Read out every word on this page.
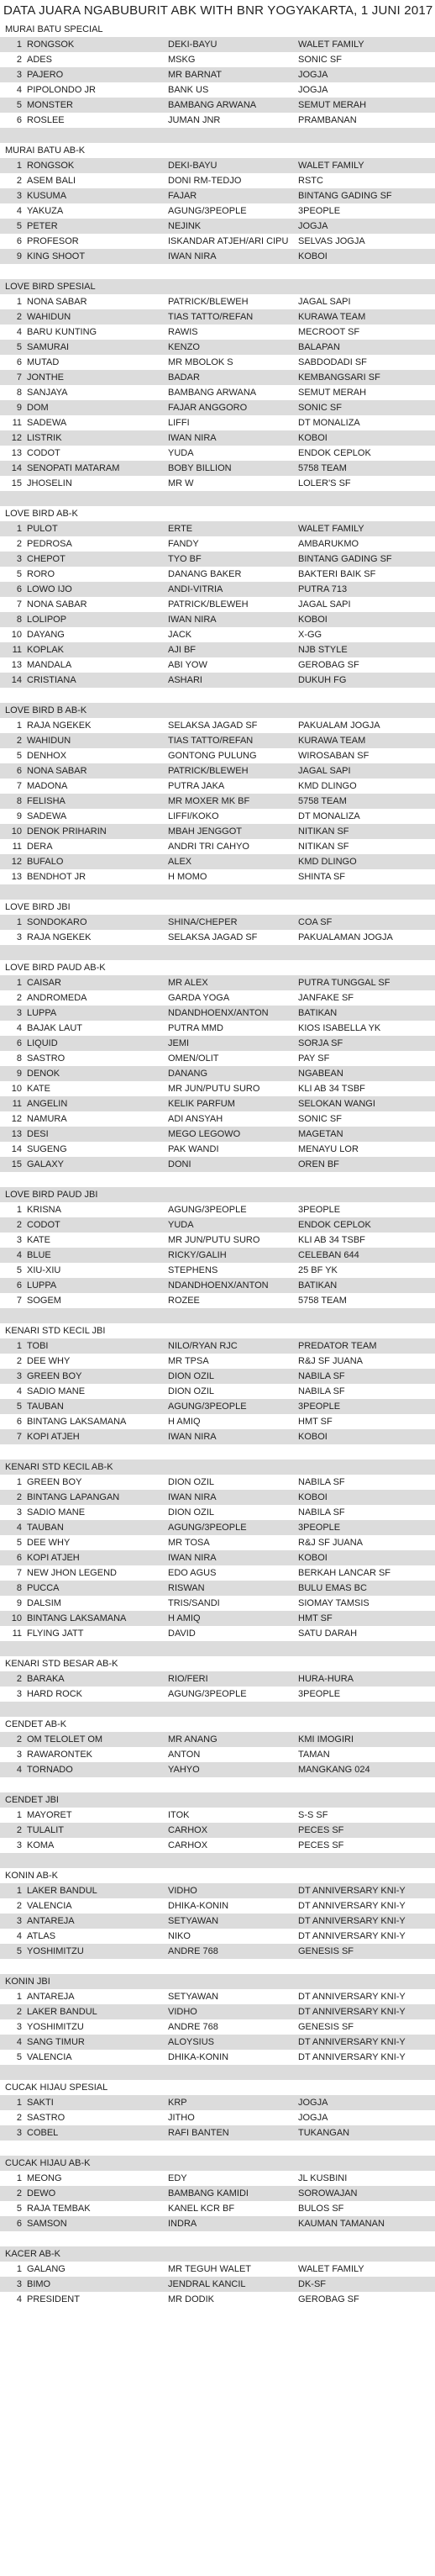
DATA JUARA NGABUBURIT ABK WITH BNR YOGYAKARTA, 1 JUNI 2017
MURAI BATU SPECIAL
1 RONGSOK	DEKI-BAYU	WALET FAMILY
2 ADES	MSKG	SONIC SF
3 PAJERO	MR BARNAT	JOGJA
4 PIPOLONDO JR	BANK US	JOGJA
5 MONSTER	BAMBANG ARWANA	SEMUT MERAH
6 ROSLEE	JUMAN JNR	PRAMBANAN
MURAI BATU AB-K
1 RONGSOK	DEKI-BAYU	WALET FAMILY
2 ASEM BALI	DONI RM-TEDJO	RSTC
3 KUSUMA	FAJAR	BINTANG GADING SF
4 YAKUZA	AGUNG/3PEOPLE	3PEOPLE
5 PETER	NEJINK	JOGJA
6 PROFESOR	ISKANDAR ATJEH/ARI CIPU	SELVAS JOGJA
9 KING SHOOT	IWAN NIRA	KOBOI
LOVE BIRD SPESIAL
1 NONA SABAR	PATRICK/BLEWEH	JAGAL SAPI
2 WAHIDUN	TIAS TATTO/REFAN	KURAWA TEAM
4 BARU KUNTING	RAWIS	MECROOT SF
5 SAMURAI	KENZO	BALAPAN
6 MUTAD	MR MBOLOK S	SABDODADI SF
7 JONTHE	BADAR	KEMBANGSARI SF
8 SANJAYA	BAMBANG ARWANA	SEMUT MERAH
9 DOM	FAJAR ANGGORO	SONIC SF
11 SADEWA	LIFFI	DT MONALIZA
12 LISTRIK	IWAN NIRA	KOBOI
13 CODOT	YUDA	ENDOK CEPLOK
14 SENOPATI MATARAM	BOBY BILLION	5758 TEAM
15 JHOSELIN	MR W	LOLER'S SF
LOVE BIRD AB-K
1 PULOT	ERTE	WALET FAMILY
2 PEDROSA	FANDY	AMBARUKMO
3 CHEPOT	TYO BF	BINTANG GADING SF
5 RORO	DANANG BAKER	BAKTERI BAIK SF
6 LOWO IJO	ANDI-VITRIA	PUTRA 713
7 NONA SABAR	PATRICK/BLEWEH	JAGAL SAPI
8 LOLIPOP	IWAN NIRA	KOBOI
10 DAYANG	JACK	X-GG
11 KOPLAK	AJI BF	NJB STYLE
13 MANDALA	ABI YOW	GEROBAG SF
14 CRISTIANA	ASHARI	DUKUH FG
LOVE BIRD B AB-K
1 RAJA NGEKEK	SELAKSA JAGAD SF	PAKUALAM JOGJA
2 WAHIDUN	TIAS TATTO/REFAN	KURAWA TEAM
5 DENHOX	GONTONG PULUNG	WIROSABAN SF
6 NONA SABAR	PATRICK/BLEWEH	JAGAL SAPI
7 MADONA	PUTRA JAKA	KMD DLINGO
8 FELISHA	MR MOXER MK BF	5758 TEAM
9 SADEWA	LIFFI/KOKO	DT MONALIZA
10 DENOK PRIHARIN	MBAH JENGGOT	NITIKAN SF
11 DERA	ANDRI TRI CAHYO	NITIKAN SF
12 BUFALO	ALEX	KMD DLINGO
13 BENDHOT JR	H MOMO	SHINTA SF
LOVE BIRD JBI
1 SONDOKARO	SHINA/CHEPER	COA SF
3 RAJA NGEKEK	SELAKSA JAGAD SF	PAKUALAMAN JOGJA
LOVE BIRD PAUD AB-K
1 CAISAR	MR ALEX	PUTRA TUNGGAL SF
2 ANDROMEDA	GARDA YOGA	JANFAKE SF
3 LUPPA	NDANDHOENX/ANTON	BATIKAN
4 BAJAK LAUT	PUTRA MMD	KIOS ISABELLA YK
6 LIQUID	JEMI	SORJA SF
8 SASTRO	OMEN/OLIT	PAY SF
9 DENOK	DANANG	NGABEAN
10 KATE	MR JUN/PUTU SURO	KLI AB 34 TSBF
11 ANGELIN	KELIK PARFUM	SELOKAN WANGI
12 NAMURA	ADI ANSYAH	SONIC SF
13 DESI	MEGO LEGOWO	MAGETAN
14 SUGENG	PAK WANDI	MENAYU LOR
15 GALAXY	DONI	OREN BF
LOVE BIRD PAUD JBI
1 KRISNA	AGUNG/3PEOPLE	3PEOPLE
2 CODOT	YUDA	ENDOK CEPLOK
3 KATE	MR JUN/PUTU SURO	KLI AB 34 TSBF
4 BLUE	RICKY/GALIH	CELEBAN 644
5 XIU-XIU	STEPHENS	25 BF YK
6 LUPPA	NDANDHOENX/ANTON	BATIKAN
7 SOGEM	ROZEE	5758 TEAM
KENARI STD KECIL JBI
1 TOBI	NILO/RYAN RJC	PREDATOR TEAM
2 DEE WHY	MR TPSA	R&J SF JUANA
3 GREEN BOY	DION OZIL	NABILA SF
4 SADIO MANE	DION OZIL	NABILA SF
5 TAUBAN	AGUNG/3PEOPLE	3PEOPLE
6 BINTANG LAKSAMANA	H AMIQ	HMT SF
7 KOPI ATJEH	IWAN NIRA	KOBOI
KENARI STD KECIL AB-K
1 GREEN BOY	DION OZIL	NABILA SF
2 BINTANG LAPANGAN	IWAN NIRA	KOBOI
3 SADIO MANE	DION OZIL	NABILA SF
4 TAUBAN	AGUNG/3PEOPLE	3PEOPLE
5 DEE WHY	MR TOSA	R&J SF JUANA
6 KOPI ATJEH	IWAN NIRA	KOBOI
7 NEW JHON LEGEND	EDO AGUS	BERKAH LANCAR SF
8 PUCCA	RISWAN	BULU EMAS BC
9 DALSIM	TRIS/SANDI	SIOMAY TAMSIS
10 BINTANG LAKSAMANA	H AMIQ	HMT SF
11 FLYING JATT	DAVID	SATU DARAH
KENARI STD BESAR AB-K
2 BARAKA	RIO/FERI	HURA-HURA
3 HARD ROCK	AGUNG/3PEOPLE	3PEOPLE
CENDET AB-K
2 OM TELOLET OM	MR ANANG	KMI IMOGIRI
3 RAWARONTEK	ANTON	TAMAN
4 TORNADO	YAHYO	MANGKANG 024
CENDET JBI
1 MAYORET	ITOK	S-S SF
2 TULALIT	CARHOX	PECES SF
3 KOMA	CARHOX	PECES SF
KONIN AB-K
1 LAKER BANDUL	VIDHO	DT ANNIVERSARY KNI-Y
2 VALENCIA	DHIKA-KONIN	DT ANNIVERSARY KNI-Y
3 ANTAREJA	SETYAWAN	DT ANNIVERSARY KNI-Y
4 ATLAS	NIKO	DT ANNIVERSARY KNI-Y
5 YOSHIMITZU	ANDRE 768	GENESIS SF
KONIN JBI
1 ANTAREJA	SETYAWAN	DT ANNIVERSARY KNI-Y
2 LAKER BANDUL	VIDHO	DT ANNIVERSARY KNI-Y
3 YOSHIMITZU	ANDRE 768	GENESIS SF
4 SANG TIMUR	ALOYSIUS	DT ANNIVERSARY KNI-Y
5 VALENCIA	DHIKA-KONIN	DT ANNIVERSARY KNI-Y
CUCAK HIJAU SPESIAL
1 SAKTI	KRP	JOGJA
2 SASTRO	JITHO	JOGJA
3 COBEL	RAFI BANTEN	TUKANGAN
CUCAK HIJAU AB-K
1 MEONG	EDY	JL KUSBINI
2 DEWO	BAMBANG KAMIDI	SOROWAJAN
5 RAJA TEMBAK	KANEL KCR BF	BULOS SF
6 SAMSON	INDRA	KAUMAN TAMANAN
KACER AB-K
1 GALANG	MR TEGUH WALET	WALET FAMILY
3 BIMO	JENDRAL KANCIL	DK-SF
4 PRESIDENT	MR DODIK	GEROBAG SF
